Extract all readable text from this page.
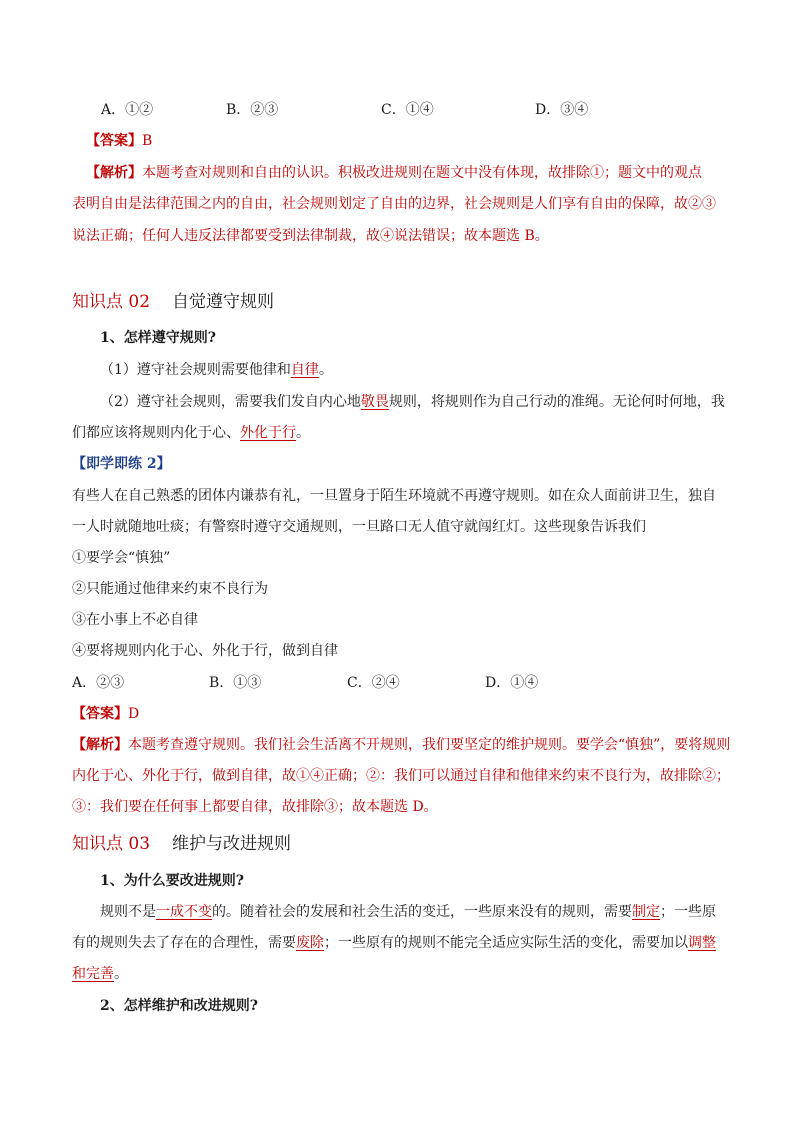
A．①②	B．②③	C．①④	D．③④
【答案】B
【解析】本题考查对规则和自由的认识。积极改进规则在题文中没有体现，故排除①；题文中的观点
表明自由是法律范围之内的自由，社会规则划定了自由的边界，社会规则是人们享有自由的保障，故②③
说法正确；任何人违反法律都要受到法律制裁，故④说法错误；故本题选 B。
知识点 02 自觉遵守规则
1、怎样遵守规则?
（1）遵守社会规则需要他律和自律。
（2）遵守社会规则，需要我们发自内心地敬畏规则，将规则作为自己行动的准绳。无论何时何地，我
们都应该将规则内化于心、外化于行。
【即学即练 2】
有些人在自己熟悉的团体内谦恭有礼，一旦置身于陌生环境就不再遵守规则。如在众人面前讲卫生，独自
一人时就随地吐痰；有警察时遵守交通规则，一旦路口无人值守就闯红灯。这些现象告诉我们
①要学会“慎独”
②只能通过他律来约束不良行为
③在小事上不必自律
④要将规则内化于心、外化于行，做到自律
A．②③	B．①③	C．②④	D．①④
【答案】D
【解析】本题考查遵守规则。我们社会生活离不开规则，我们要坚定的维护规则。要学会“慎独”，要将规则
内化于心、外化于行，做到自律，故①④正确；②：我们可以通过自律和他律来约束不良行为，故排除②；
③：我们要在任何事上都要自律，故排除③；故本题选 D。
知识点 03 维护与改进规则
1、为什么要改进规则?
规则不是一成不变的。随着社会的发展和社会生活的变迁，一些原来没有的规则，需要制定；一些原
有的规则失去了存在的合理性，需要废除；一些原有的规则不能完全适应实际生活的变化，需要加以调整
和完善。
2、怎样维护和改进规则?
